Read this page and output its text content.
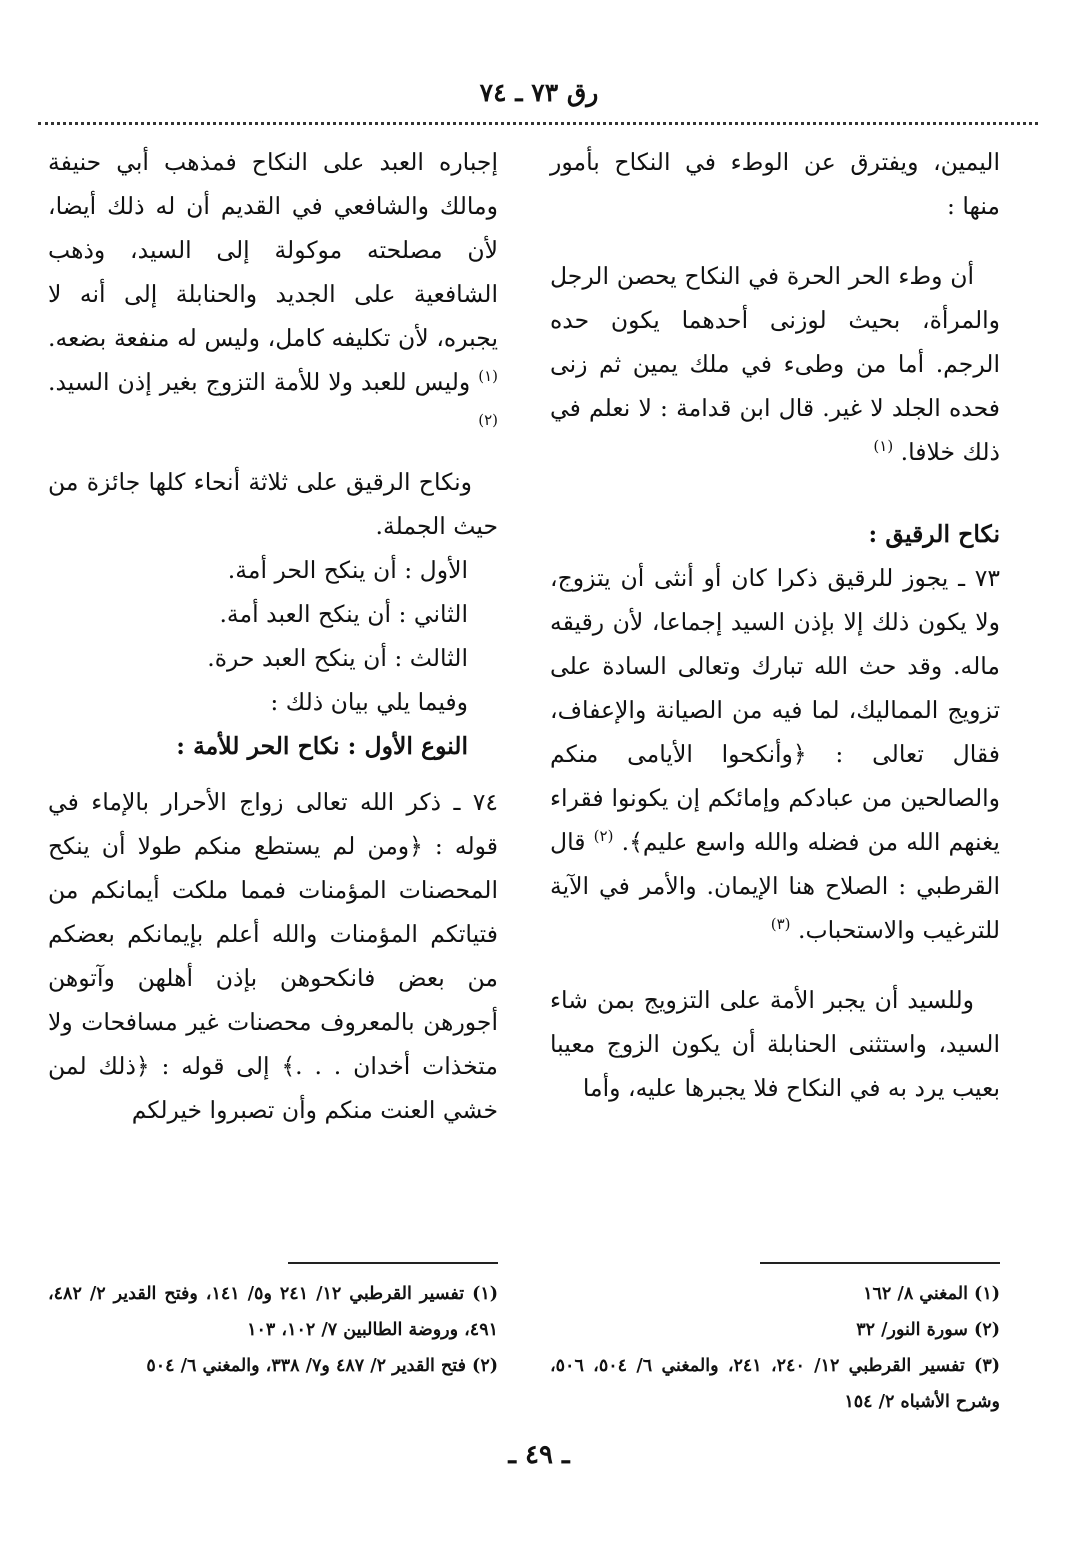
رق ٧٣ ـ ٧٤

اليمين، ويفترق عن الوطء في النكاح بأمور منها :

أن وطء الحر الحرة في النكاح يحصن الرجل والمرأة، بحيث لوزنى أحدهما يكون حده الرجم. أما من وطىء في ملك يمين ثم زنى فحده الجلد لا غير. قال ابن قدامة : لا نعلم في ذلك خلافا. $^{(١)}$

نكاح الرقيق :

٧٣ ـ يجوز للرقيق ذكرا كان أو أنثى أن يتزوج، ولا يكون ذلك إلا بإذن السيد إجماعا، لأن رقيقه ماله. وقد حث الله تبارك وتعالى السادة على تزويج المماليك، لما فيه من الصيانة والإعفاف، فقال تعالى : ﴿وأنكحوا الأيامى منكم والصالحين من عبادكم وإمائكم إن يكونوا فقراء يغنهم الله من فضله والله واسع عليم﴾. $^{(٢)}$ قال القرطبي : الصلاح هنا الإيمان. والأمر في الآية للترغيب والاستحباب. $^{(٣)}$

وللسيد أن يجبر الأمة على التزويج بمن شاء السيد، واستثنى الحنابلة أن يكون الزوج معيبا بعيب يرد به في النكاح فلا يجبرها عليه، وأما

إجباره العبد على النكاح فمذهب أبي حنيفة ومالك والشافعي في القديم أن له ذلك أيضا، لأن مصلحته موكولة إلى السيد، وذهب الشافعية على الجديد والحنابلة إلى أنه لا يجبره، لأن تكليفه كامل، وليس له منفعة بضعه. $^{(١)}$ وليس للعبد ولا للأمة التزوج بغير إذن السيد. $^{(٢)}$

ونكاح الرقيق على ثلاثة أنحاء كلها جائزة من حيث الجملة.

الأول : أن ينكح الحر أمة.

الثاني : أن ينكح العبد أمة.

الثالث : أن ينكح العبد حرة.

وفيما يلي بيان ذلك :

النوع الأول : نكاح الحر للأمة :

٧٤ ـ ذكر الله تعالى زواج الأحرار بالإماء في قوله : ﴿ومن لم يستطع منكم طولا أن ينكح المحصنات المؤمنات فمما ملكت أيمانكم من فتياتكم المؤمنات والله أعلم بإيمانكم بعضكم من بعض فانكحوهن بإذن أهلهن وآتوهن أجورهن بالمعروف محصنات غير مسافحات ولا متخذات أخدان . . .﴾ إلى قوله : ﴿ذلك لمن خشي العنت منكم وأن تصبروا خيرلكم

(١) المغني ٨/ ١٦٢

(٢) سورة النور/ ٣٢

(٣) تفسير القرطبي ١٢/ ٢٤٠، ٢٤١، والمغني ٦/ ٥٠٤، ٥٠٦، وشرح الأشباه ٢/ ١٥٤

(١) تفسير القرطبي ١٢/ ٢٤١ و٥/ ١٤١، وفتح القدير ٢/ ٤٨٢، ٤٩١، وروضة الطالبين ٧/ ١٠٢، ١٠٣

(٢) فتح القدير ٢/ ٤٨٧ و٧/ ٣٣٨، والمغني ٦/ ٥٠٤

ـ ٤٩ ـ
